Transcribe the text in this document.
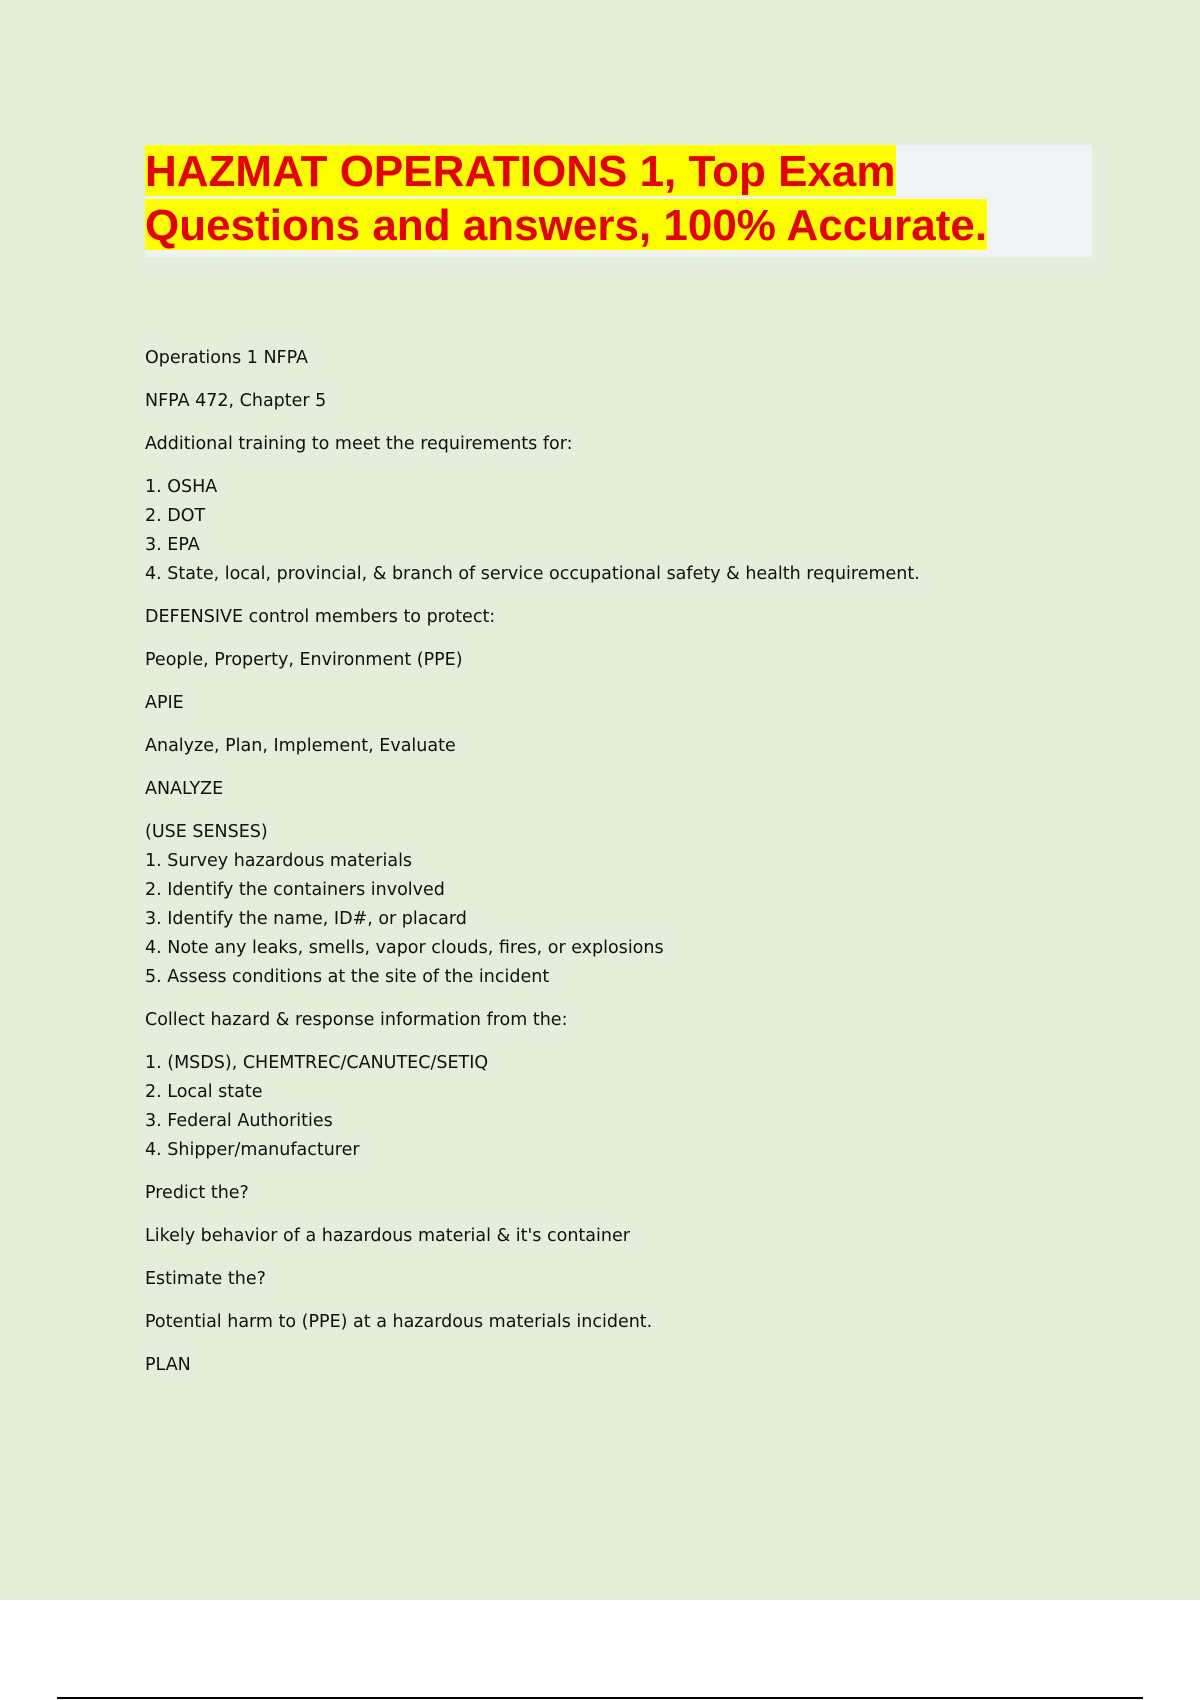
HAZMAT OPERATIONS 1, Top Exam
Questions and answers, 100% Accurate.

Operations 1 NFPA

NFPA 472, Chapter 5

Additional training to meet the requirements for:

1. OSHA
2. DOT
3. EPA
4. State, local, provincial, & branch of service occupational safety & health requirement.

DEFENSIVE control members to protect:

People, Property, Environment (PPE)

APIE

Analyze, Plan, Implement, Evaluate

ANALYZE

(USE SENSES)
1. Survey hazardous materials
2. Identify the containers involved
3. Identify the name, ID#, or placard
4. Note any leaks, smells, vapor clouds, fires, or explosions
5. Assess conditions at the site of the incident

Collect hazard & response information from the:

1. (MSDS), CHEMTREC/CANUTEC/SETIQ
2. Local state
3. Federal Authorities
4. Shipper/manufacturer

Predict the?

Likely behavior of a hazardous material & it's container

Estimate the?

Potential harm to (PPE) at a hazardous materials incident.

PLAN
